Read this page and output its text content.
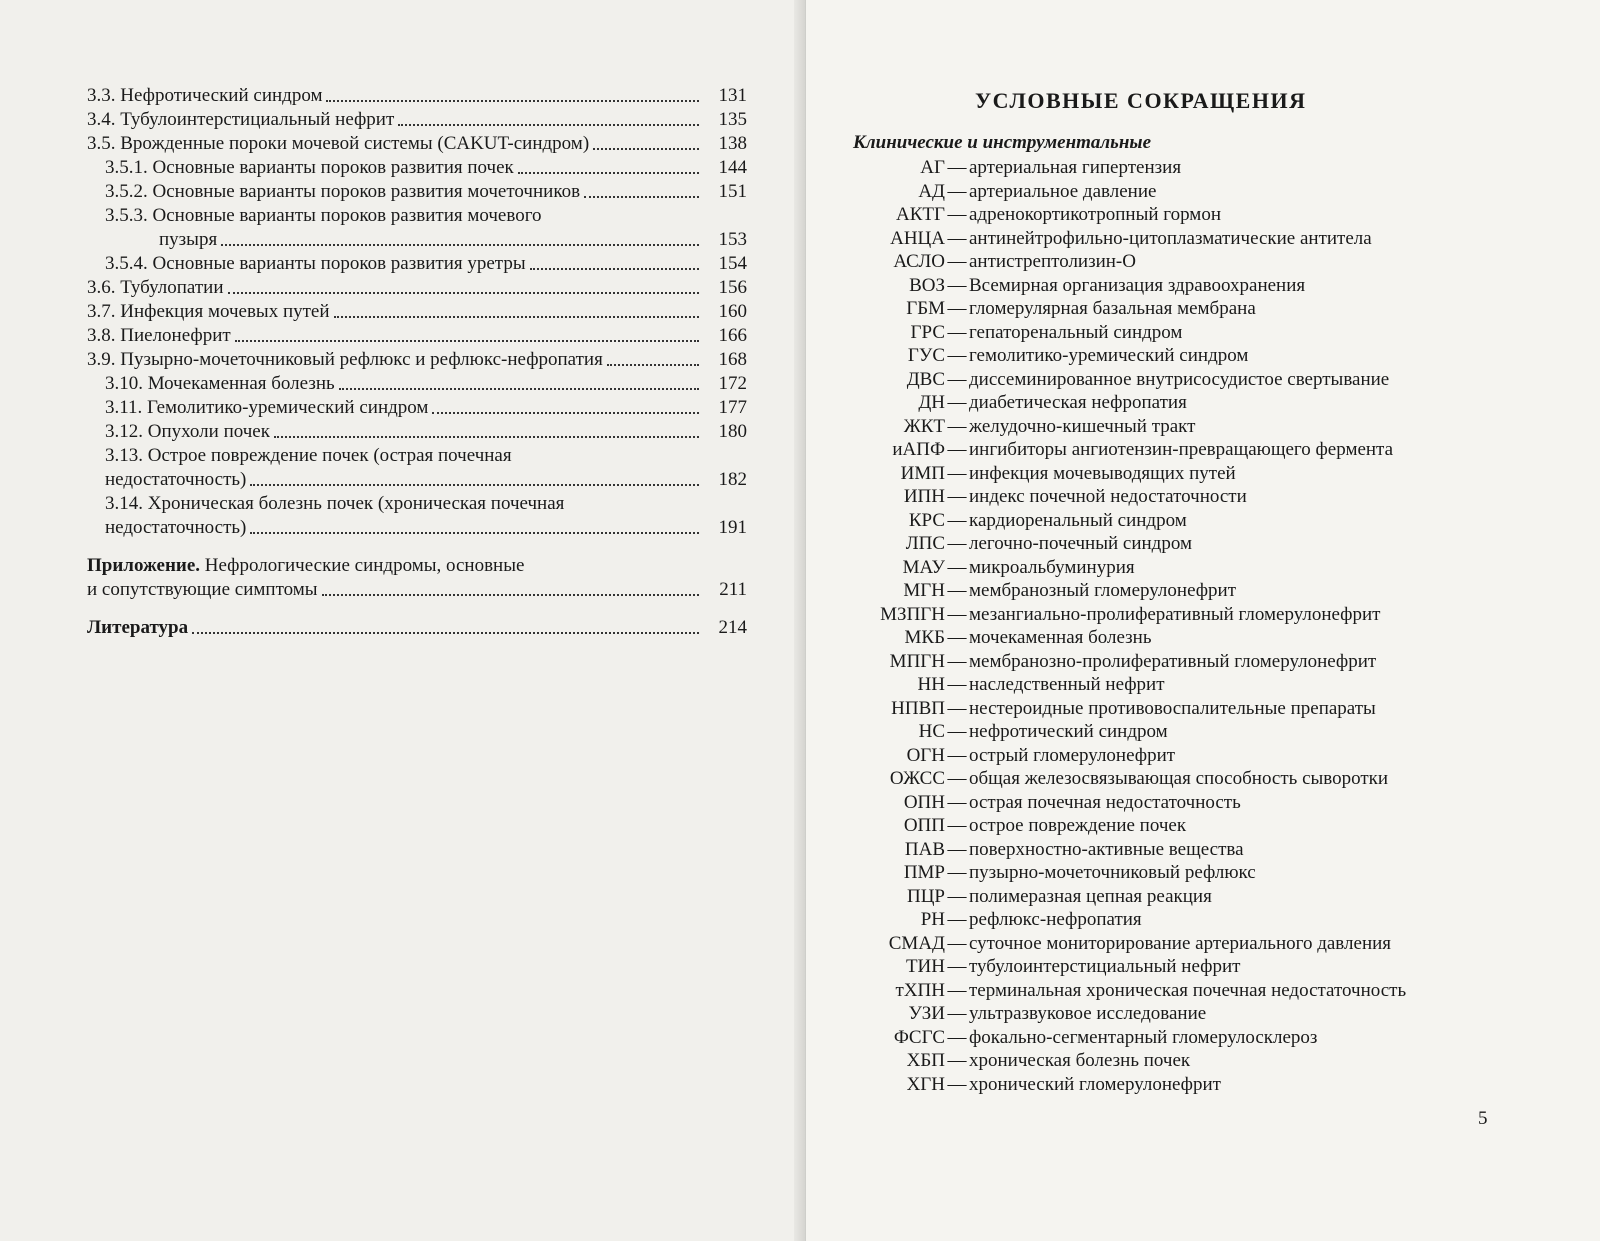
3.3. Нефротический синдром	131
3.4. Тубулоинтерстициальный нефрит	135
3.5. Врожденные пороки мочевой системы (CAKUT-синдром)	138
3.5.1. Основные варианты пороков развития почек	144
3.5.2. Основные варианты пороков развития мочеточников	151
3.5.3. Основные варианты пороков развития мочевого
пузыря	153
3.5.4. Основные варианты пороков развития уретры	154
3.6. Тубулопатии	156
3.7. Инфекция мочевых путей	160
3.8. Пиелонефрит	166
3.9. Пузырно-мочеточниковый рефлюкс и рефлюкс-нефропатия	168
3.10. Мочекаменная болезнь	172
3.11. Гемолитико-уремический синдром	177
3.12. Опухоли почек	180
3.13. Острое повреждение почек (острая почечная
недостаточность)	182
3.14. Хроническая болезнь почек (хроническая почечная
недостаточность)	191
Приложение. Нефрологические синдромы, основные
и сопутствующие симптомы	211
Литература	214
УСЛОВНЫЕ СОКРАЩЕНИЯ
Клинические и инструментальные
АГ — артериальная гипертензия
АД — артериальное давление
АКТГ — адренокортикотропный гормон
АНЦА — антинейтрофильно-цитоплазматические антитела
АСЛО — антистрептолизин-О
ВОЗ — Всемирная организация здравоохранения
ГБМ — гломерулярная базальная мембрана
ГРС — гепаторенальный синдром
ГУС — гемолитико-уремический синдром
ДВС — диссеминированное внутрисосудистое свертывание
ДН — диабетическая нефропатия
ЖКТ — желудочно-кишечный тракт
иАПФ — ингибиторы ангиотензин-превращающего фермента
ИМП — инфекция мочевыводящих путей
ИПН — индекс почечной недостаточности
КРС — кардиоренальный синдром
ЛПС — легочно-почечный синдром
МАУ — микроальбуминурия
МГН — мембранозный гломерулонефрит
МЗПГН — мезангиально-пролиферативный гломерулонефрит
МКБ — мочекаменная болезнь
МПГН — мембранозно-пролиферативный гломерулонефрит
НН — наследственный нефрит
НПВП — нестероидные противовоспалительные препараты
НС — нефротический синдром
ОГН — острый гломерулонефрит
ОЖСС — общая железосвязывающая способность сыворотки
ОПН — острая почечная недостаточность
ОПП — острое повреждение почек
ПАВ — поверхностно-активные вещества
ПМР — пузырно-мочеточниковый рефлюкс
ПЦР — полимеразная цепная реакция
РН — рефлюкс-нефропатия
СМАД — суточное мониторирование артериального давления
ТИН — тубулоинтерстициальный нефрит
тХПН — терминальная хроническая почечная недостаточность
УЗИ — ультразвуковое исследование
ФСГС — фокально-сегментарный гломерулосклероз
ХБП — хроническая болезнь почек
ХГН — хронический гломерулонефрит
5
